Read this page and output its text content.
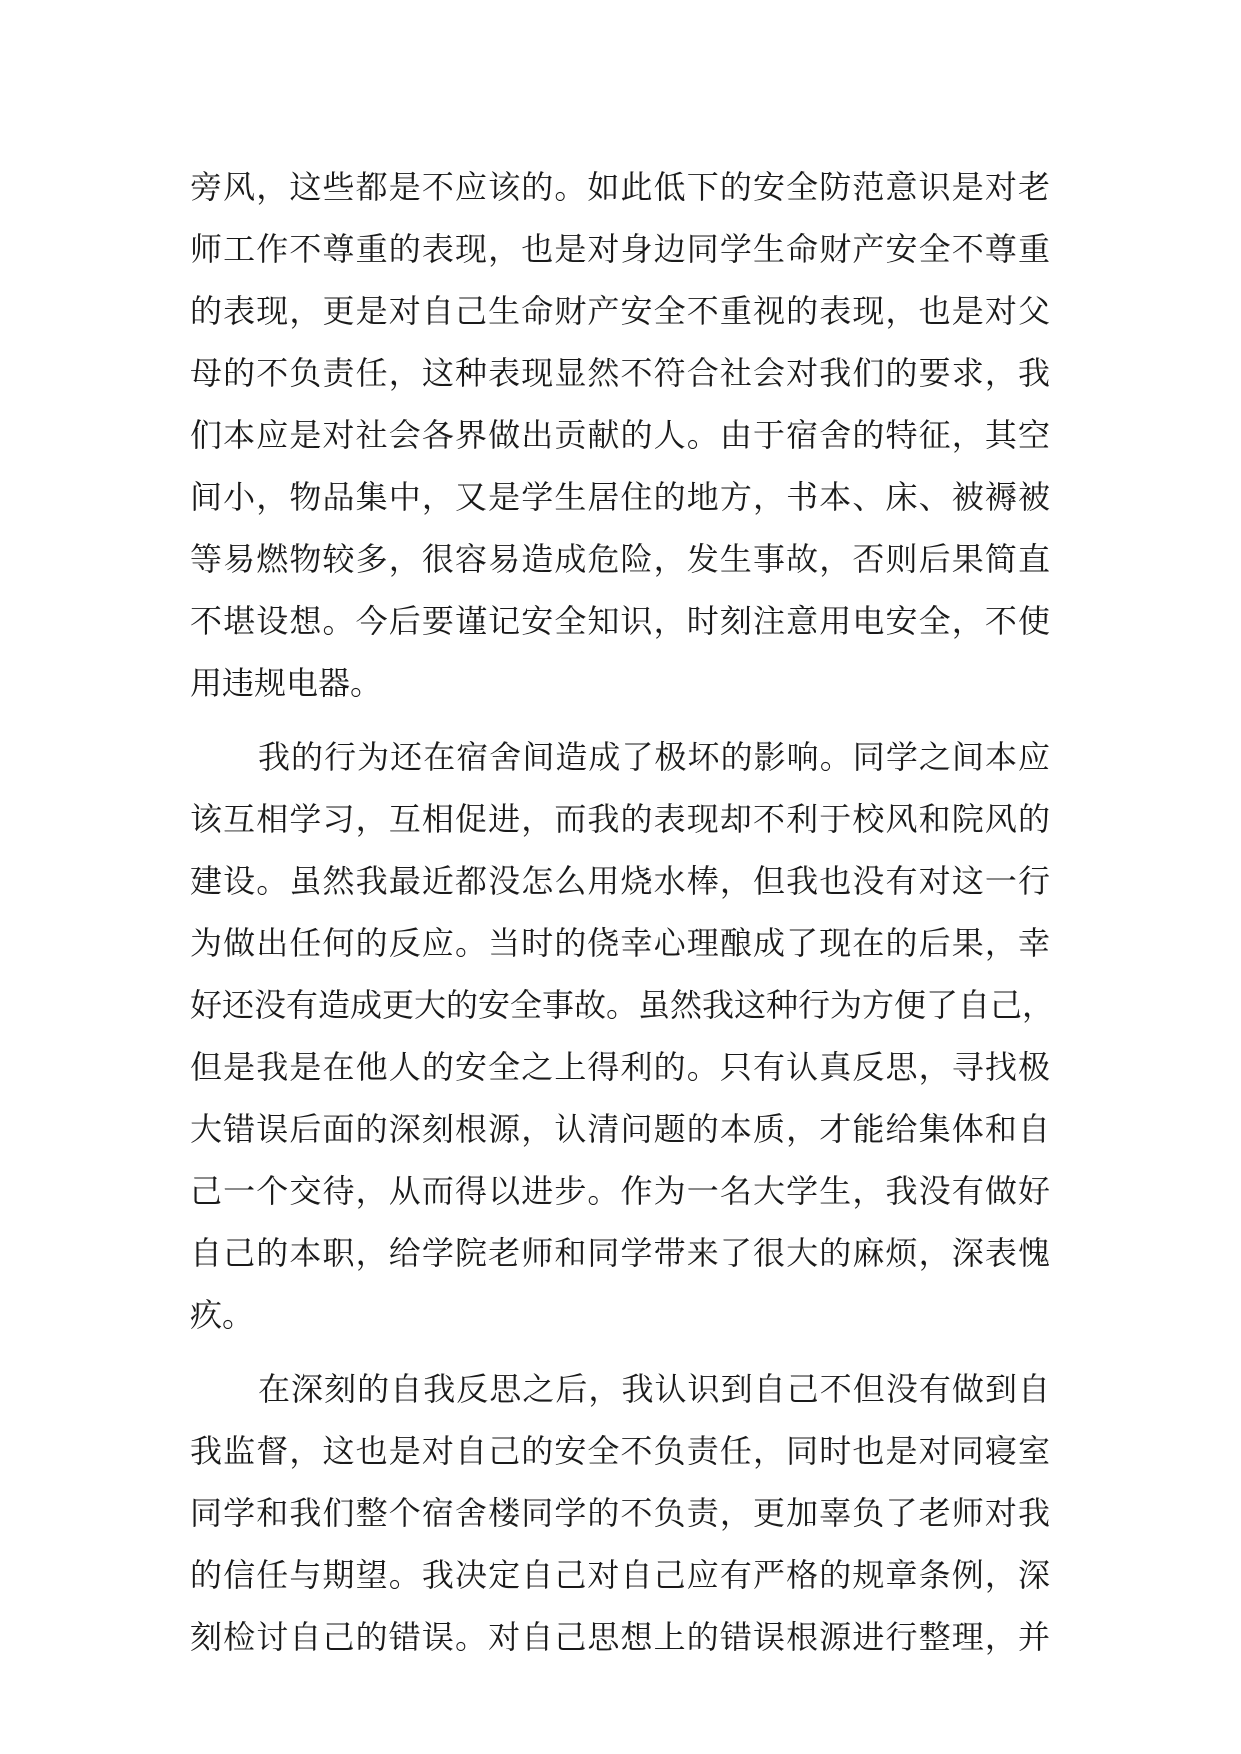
旁风，这些都是不应该的。如此低下的安全防范意识是对老
师工作不尊重的表现，也是对身边同学生命财产安全不尊重
的表现，更是对自己生命财产安全不重视的表现，也是对父
母的不负责任，这种表现显然不符合社会对我们的要求，我
们本应是对社会各界做出贡献的人。由于宿舍的特征，其空
间小，物品集中，又是学生居住的地方，书本、床、被褥被
等易燃物较多，很容易造成危险，发生事故，否则后果简直
不堪设想。今后要谨记安全知识，时刻注意用电安全，不使
用违规电器。
我的行为还在宿舍间造成了极坏的影响。同学之间本应
该互相学习，互相促进，而我的表现却不利于校风和院风的
建设。虽然我最近都没怎么用烧水棒，但我也没有对这一行
为做出任何的反应。当时的侥幸心理酿成了现在的后果，幸
好还没有造成更大的安全事故。虽然我这种行为方便了自己，
但是我是在他人的安全之上得利的。只有认真反思，寻找极
大错误后面的深刻根源，认清问题的本质，才能给集体和自
己一个交待，从而得以进步。作为一名大学生，我没有做好
自己的本职，给学院老师和同学带来了很大的麻烦，深表愧
疚。
在深刻的自我反思之后，我认识到自己不但没有做到自
我监督，这也是对自己的安全不负责任，同时也是对同寝室
同学和我们整个宿舍楼同学的不负责，更加辜负了老师对我
的信任与期望。我决定自己对自己应有严格的规章条例，深
刻检讨自己的错误。对自己思想上的错误根源进行整理，并
